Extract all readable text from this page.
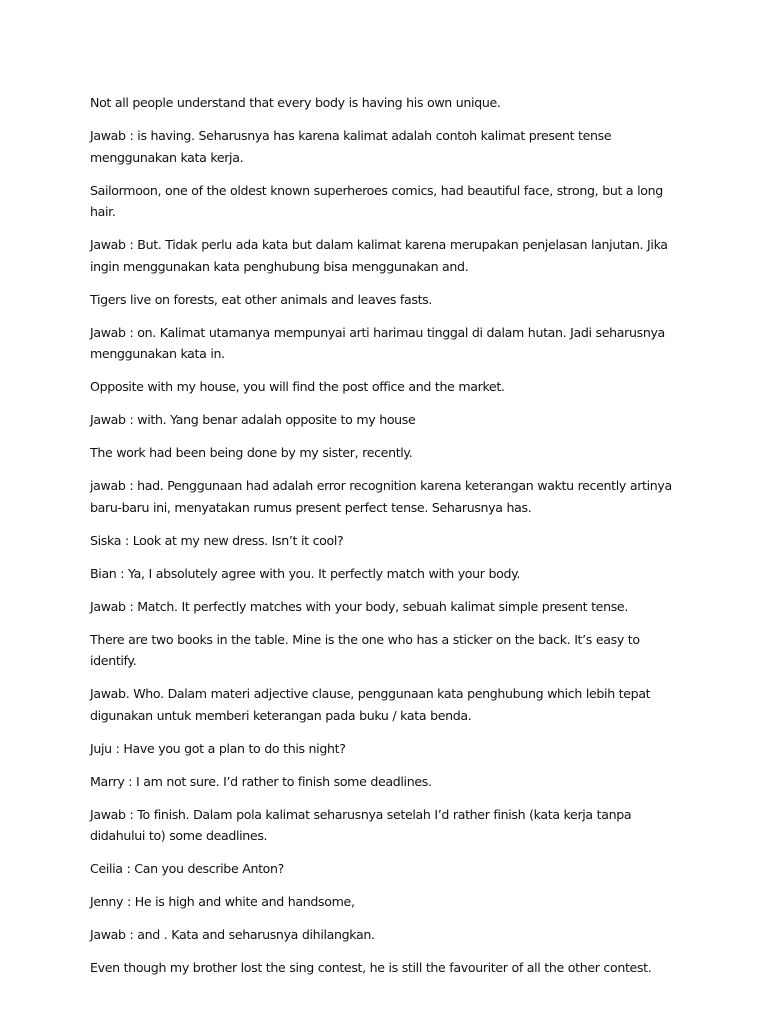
Not all people understand that every body is having his own unique.

Jawab : is having. Seharusnya has karena kalimat adalah contoh kalimat present tense menggunakan kata kerja.

Sailormoon, one of the oldest known superheroes comics, had beautiful face, strong, but a long hair.

Jawab : But. Tidak perlu ada kata but dalam kalimat karena merupakan penjelasan lanjutan. Jika ingin menggunakan kata penghubung bisa menggunakan and.

Tigers live on forests, eat other animals and leaves fasts.

Jawab : on. Kalimat utamanya mempunyai arti harimau tinggal di dalam hutan. Jadi seharusnya menggunakan kata in.

Opposite with my house, you will find the post office and the market.

Jawab : with. Yang benar adalah opposite to my house

The work had been being done by my sister, recently.

jawab : had. Penggunaan had adalah error recognition karena keterangan waktu recently artinya baru-baru ini, menyatakan rumus present perfect tense. Seharusnya has.

Siska : Look at my new dress. Isn’t it cool?

Bian : Ya, I absolutely agree with you. It perfectly match with your body.

Jawab : Match. It perfectly matches with your body, sebuah kalimat simple present tense.

There are two books in the table. Mine is the one who has a sticker on the back. It’s easy to identify.

Jawab. Who. Dalam materi adjective clause, penggunaan kata penghubung which lebih tepat digunakan untuk memberi keterangan pada buku / kata benda.

Juju : Have you got a plan to do this night?

Marry : I am not sure. I’d rather to finish some deadlines.

Jawab : To finish. Dalam pola kalimat seharusnya setelah I’d rather finish (kata kerja tanpa didahului to) some deadlines.

Ceilia : Can you describe Anton?

Jenny : He is high and white and handsome,

Jawab : and . Kata and seharusnya dihilangkan.

Even though my brother lost the sing contest, he is still the favouriter of all the other contest.
